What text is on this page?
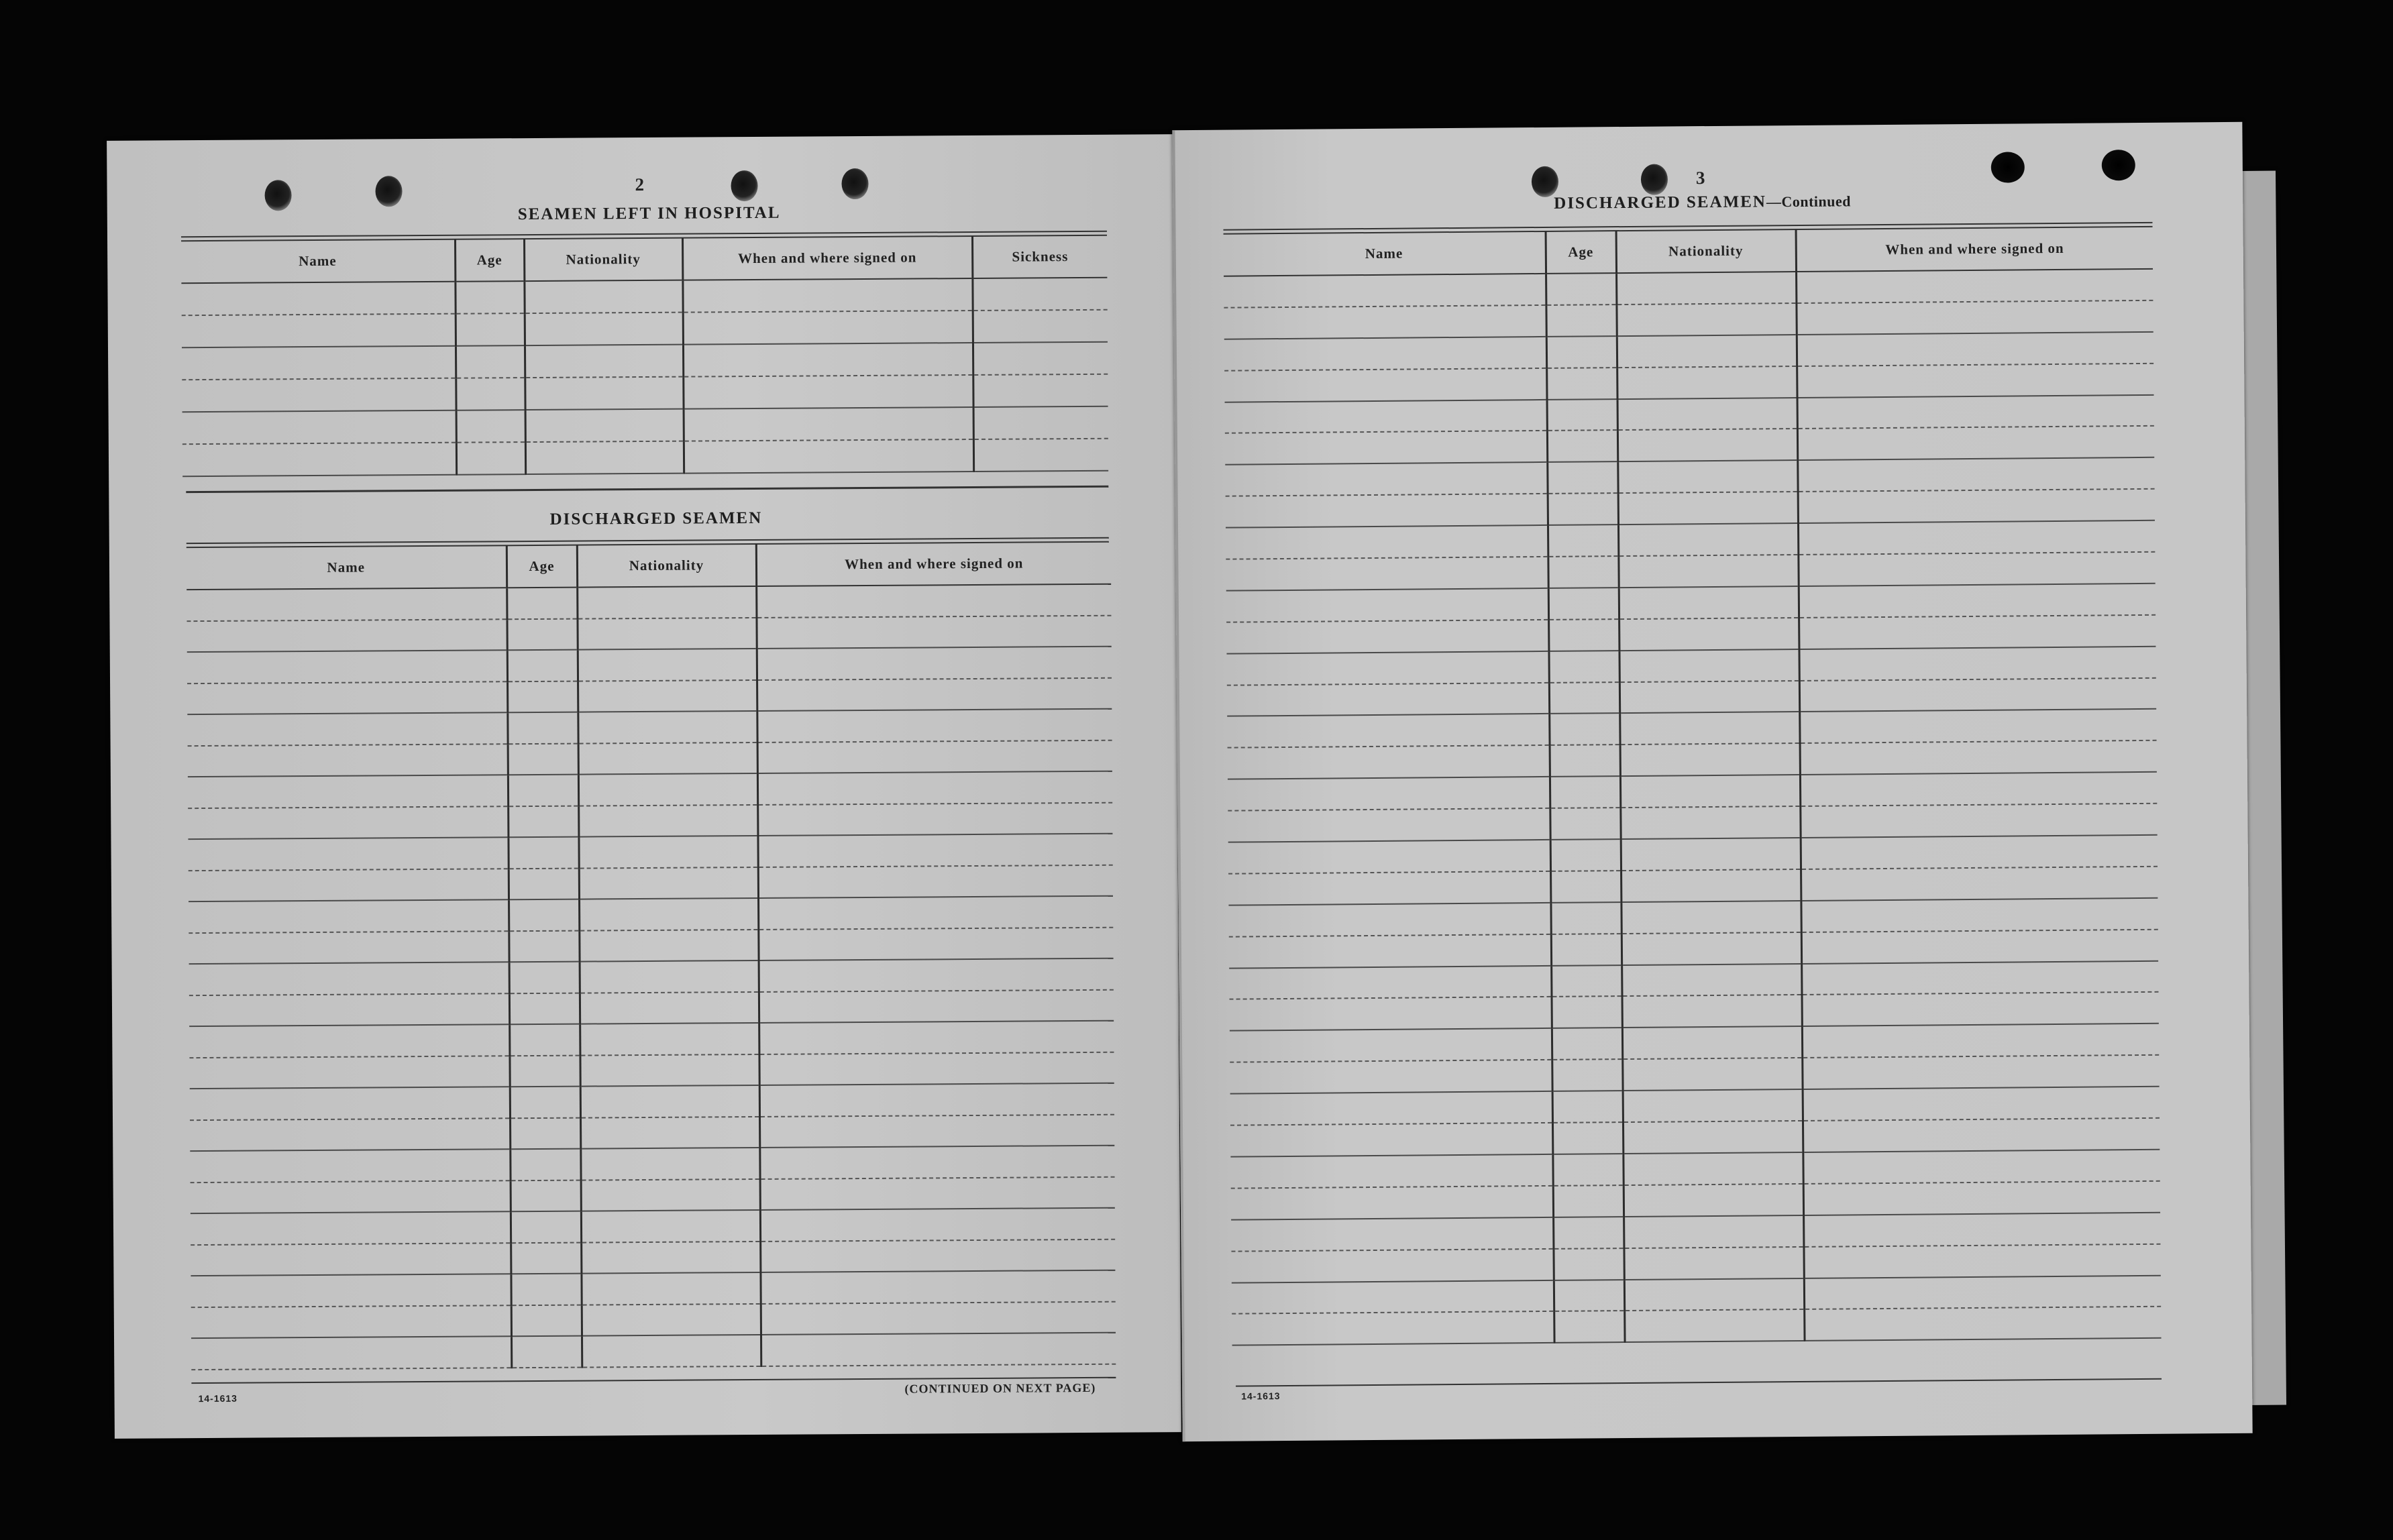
2
SEAMEN LEFT IN HOSPITAL
Name	Age	Nationality	When and where signed on	Sickness

DISCHARGED SEAMEN
Name	Age	Nationality	When and where signed on

14-1613
(CONTINUED ON NEXT PAGE)
3
DISCHARGED SEAMEN—Continued
Name	Age	Nationality	When and where signed on

14-1613
